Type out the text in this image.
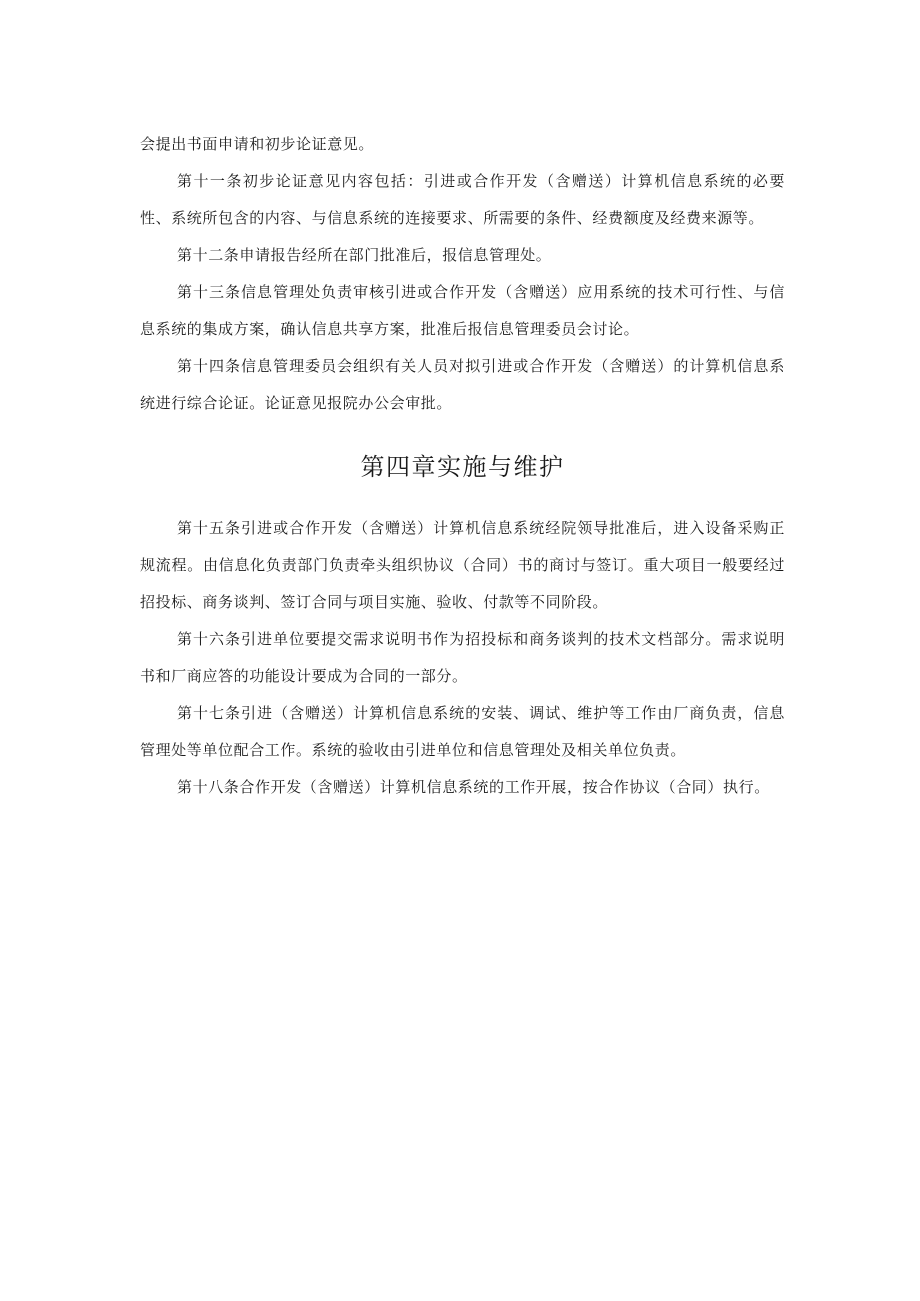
会提出书面申请和初步论证意见。

第十一条初步论证意见内容包括：引进或合作开发（含赠送）计算机信息系统的必要性、系统所包含的内容、与信息系统的连接要求、所需要的条件、经费额度及经费来源等。

第十二条申请报告经所在部门批准后，报信息管理处。

第十三条信息管理处负责审核引进或合作开发（含赠送）应用系统的技术可行性、与信息系统的集成方案，确认信息共享方案，批准后报信息管理委员会讨论。

第十四条信息管理委员会组织有关人员对拟引进或合作开发（含赠送）的计算机信息系统进行综合论证。论证意见报院办公会审批。

第四章实施与维护

第十五条引进或合作开发（含赠送）计算机信息系统经院领导批准后，进入设备采购正规流程。由信息化负责部门负责牵头组织协议（合同）书的商讨与签订。重大项目一般要经过招投标、商务谈判、签订合同与项目实施、验收、付款等不同阶段。

第十六条引进单位要提交需求说明书作为招投标和商务谈判的技术文档部分。需求说明书和厂商应答的功能设计要成为合同的一部分。

第十七条引进（含赠送）计算机信息系统的安装、调试、维护等工作由厂商负责，信息管理处等单位配合工作。系统的验收由引进单位和信息管理处及相关单位负责。

第十八条合作开发（含赠送）计算机信息系统的工作开展，按合作协议（合同）执行。
